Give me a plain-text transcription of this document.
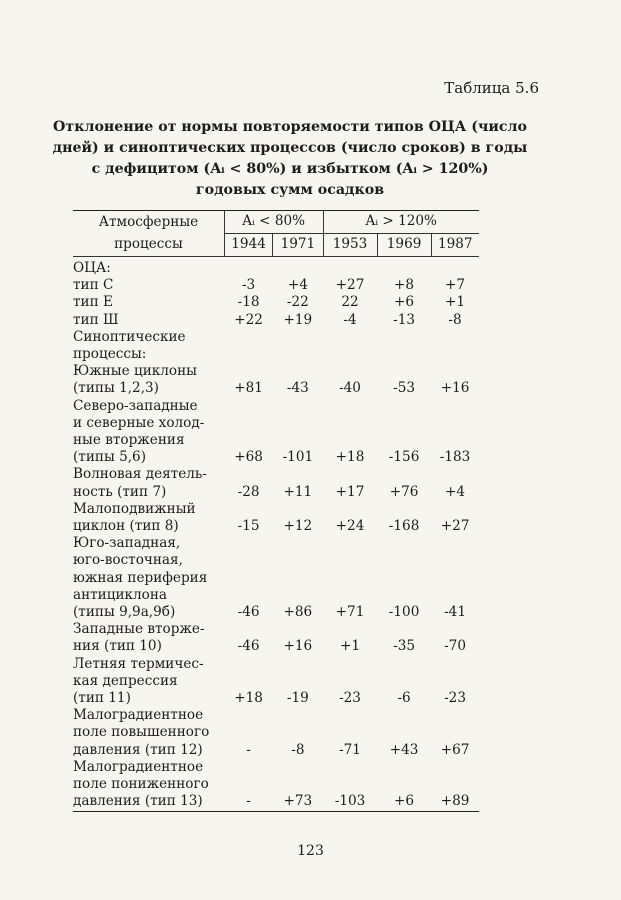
Таблица 5.6
Отклонение от нормы повторяемости типов ОЦА (число
дней) и синоптических процессов (число сроков) в годы
с дефицитом (Aᵢ < 80%) и избытком (Aᵢ > 120%)
годовых сумм осадков
Атмосферные	Aᵢ < 80%		Aᵢ > 120%		
процессы	1944	1971	1953	1969	1987

ОЦА:					

тип С	-3	+4	+27	+8	+7

тип Е	-18	-22	22	+6	+1

тип Ш	+22	+19	-4	-13	-8

Синоптические
процессы:					

Южные циклоны
(типы 1,2,3)	+81	-43	-40	-53	+16

Северо-западные
и северные холод-
ные вторжения
(типы 5,6)	+68	-101	+18	-156	-183

Волновая деятель-
ность (тип 7)	-28	+11	+17	+76	+4

Малоподвижный
циклон (тип 8)	-15	+12	+24	-168	+27

Юго-западная,
юго-восточная,
южная периферия
антициклона
(типы 9,9а,9б)	-46	+86	+71	-100	-41

Западные вторже-
ния (тип 10)	-46	+16	+1	-35	-70

Летняя термичес-
кая депрессия
(тип 11)	+18	-19	-23	-6	-23

Малоградиентное
поле повышенного
давления (тип 12)	-	-8	-71	+43	+67

Малоградиентное
поле пониженного
давления (тип 13)	-	+73	-103	+6	+89
123
